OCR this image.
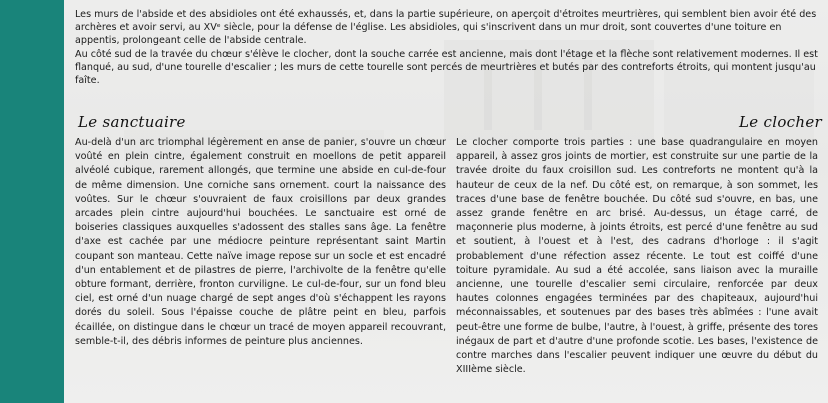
Les murs de l'abside et des absidioles ont été exhaussés, et, dans la partie supérieure, on aperçoit d'étroites meurtrières, qui semblent bien avoir été des archères et avoir servi, au XVᵉ siècle, pour la défense de l'église. Les absidioles, qui s'inscrivent dans un mur droit, sont couvertes d'une toiture en appentis, prolongeant celle de l'abside centrale.

Au côté sud de la travée du chœur s'élève le clocher, dont la souche carrée est ancienne, mais dont l'étage et la flèche sont relativement modernes. Il est flanqué, au sud, d'une tourelle d'escalier ; les murs de cette tourelle sont percés de meurtrières et butés par des contreforts étroits, qui montent jusqu'au faîte.

Le sanctuaire	Le clocher

Au-delà d'un arc triomphal légèrement en anse de panier, s'ouvre un chœur voûté en plein cintre, également construit en moellons de petit appareil alvéolé cubique, rarement allongés, que termine une abside en cul-de-four de même dimension. Une corniche sans ornement. court la naissance des voûtes. Sur le chœur s'ouvraient de faux croisillons par deux grandes arcades plein cintre aujourd'hui bouchées. Le sanctuaire est orné de boiseries classiques auxquelles s'adossent des stalles sans âge. La fenêtre d'axe est cachée par une médiocre peinture représentant saint Martin coupant son manteau. Cette naïve image repose sur un socle et est encadré d'un entablement et de pilastres de pierre, l'archivolte de la fenêtre qu'elle obture formant, derrière, fronton curviligne. Le cul-de-four, sur un fond bleu ciel, est orné d'un nuage chargé de sept anges d'où s'échappent les rayons dorés du soleil. Sous l'épaisse couche de plâtre peint en bleu, parfois écaillée, on distingue dans le chœur un tracé de moyen appareil recouvrant, semble-t-il, des débris informes de peinture plus anciennes.

Le clocher comporte trois parties : une base quadrangulaire en moyen appareil, à assez gros joints de mortier, est construite sur une partie de la travée droite du faux croisillon sud. Les contreforts ne montent qu'à la hauteur de ceux de la nef. Du côté est, on remarque, à son sommet, les traces d'une base de fenêtre bouchée. Du côté sud s'ouvre, en bas, une assez grande fenêtre en arc brisé. Au-dessus, un étage carré, de maçonnerie plus moderne, à joints étroits, est percé d'une fenêtre au sud et soutient, à l'ouest et à l'est, des cadrans d'horloge : il s'agit probablement d'une réfection assez récente. Le tout est coiffé d'une toiture pyramidale. Au sud a été accolée, sans liaison avec la muraille ancienne, une tourelle d'escalier semi circulaire, renforcée par deux hautes colonnes engagées terminées par des chapiteaux, aujourd'hui méconnaissables, et soutenues par des bases très abîmées : l'une avait peut-être une forme de bulbe, l'autre, à l'ouest, à griffe, présente des tores inégaux de part et d'autre d'une profonde scotie. Les bases, l'existence de contre marches dans l'escalier peuvent indiquer une œuvre du début du XIIIème siècle.
